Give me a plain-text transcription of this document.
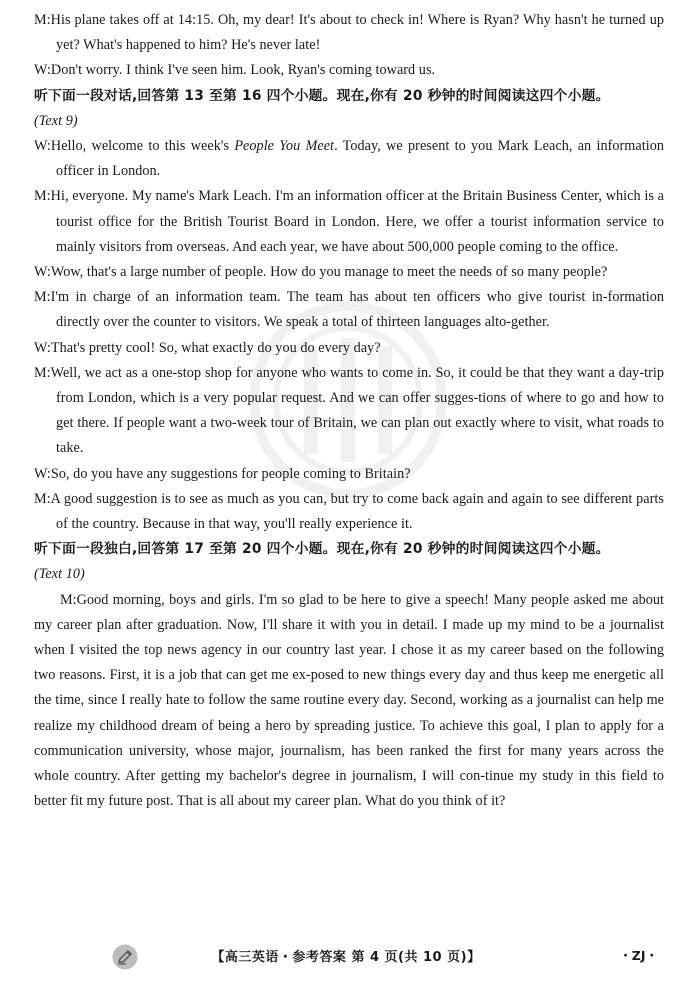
M:His plane takes off at 14:15. Oh, my dear! It's about to check in! Where is Ryan? Why hasn't he turned up yet? What's happened to him? He's never late!

W:Don't worry. I think I've seen him. Look, Ryan's coming toward us.

听下面一段对话,回答第 13 至第 16 四个小题。现在,你有 20 秒钟的时间阅读这四个小题。

(Text 9)

W:Hello, welcome to this week's People You Meet. Today, we present to you Mark Leach, an information officer in London.

M:Hi, everyone. My name's Mark Leach. I'm an information officer at the Britain Business Center, which is a tourist office for the British Tourist Board in London. Here, we offer a tourist information service to mainly visitors from overseas. And each year, we have about 500,000 people coming to the office.

W:Wow, that's a large number of people. How do you manage to meet the needs of so many people?

M:I'm in charge of an information team. The team has about ten officers who give tourist in-formation directly over the counter to visitors. We speak a total of thirteen languages alto-gether.

W:That's pretty cool! So, what exactly do you do every day?

M:Well, we act as a one-stop shop for anyone who wants to come in. So, it could be that they want a day-trip from London, which is a very popular request. And we can offer sugges-tions of where to go and how to get there. If people want a two-week tour of Britain, we can plan out exactly where to visit, what roads to take.

W:So, do you have any suggestions for people coming to Britain?

M:A good suggestion is to see as much as you can, but try to come back again and again to see different parts of the country. Because in that way, you'll really experience it.

听下面一段独白,回答第 17 至第 20 四个小题。现在,你有 20 秒钟的时间阅读这四个小题。

(Text 10)

M:Good morning, boys and girls. I'm so glad to be here to give a speech! Many people asked me about my career plan after graduation. Now, I'll share it with you in detail. I made up my mind to be a journalist when I visited the top news agency in our country last year. I chose it as my career based on the following two reasons. First, it is a job that can get me ex-posed to new things every day and thus keep me energetic all the time, since I really hate to follow the same routine every day. Second, working as a journalist can help me realize my childhood dream of being a hero by spreading justice. To achieve this goal, I plan to apply for a communication university, whose major, journalism, has been ranked the first for many years across the whole country. After getting my bachelor's degree in journalism, I will con-tinue my study in this field to better fit my future post. That is all about my career plan. What do you think of it?

【高三英语・参考答案 第 4 页(共 10 页)】	・ZJ・
